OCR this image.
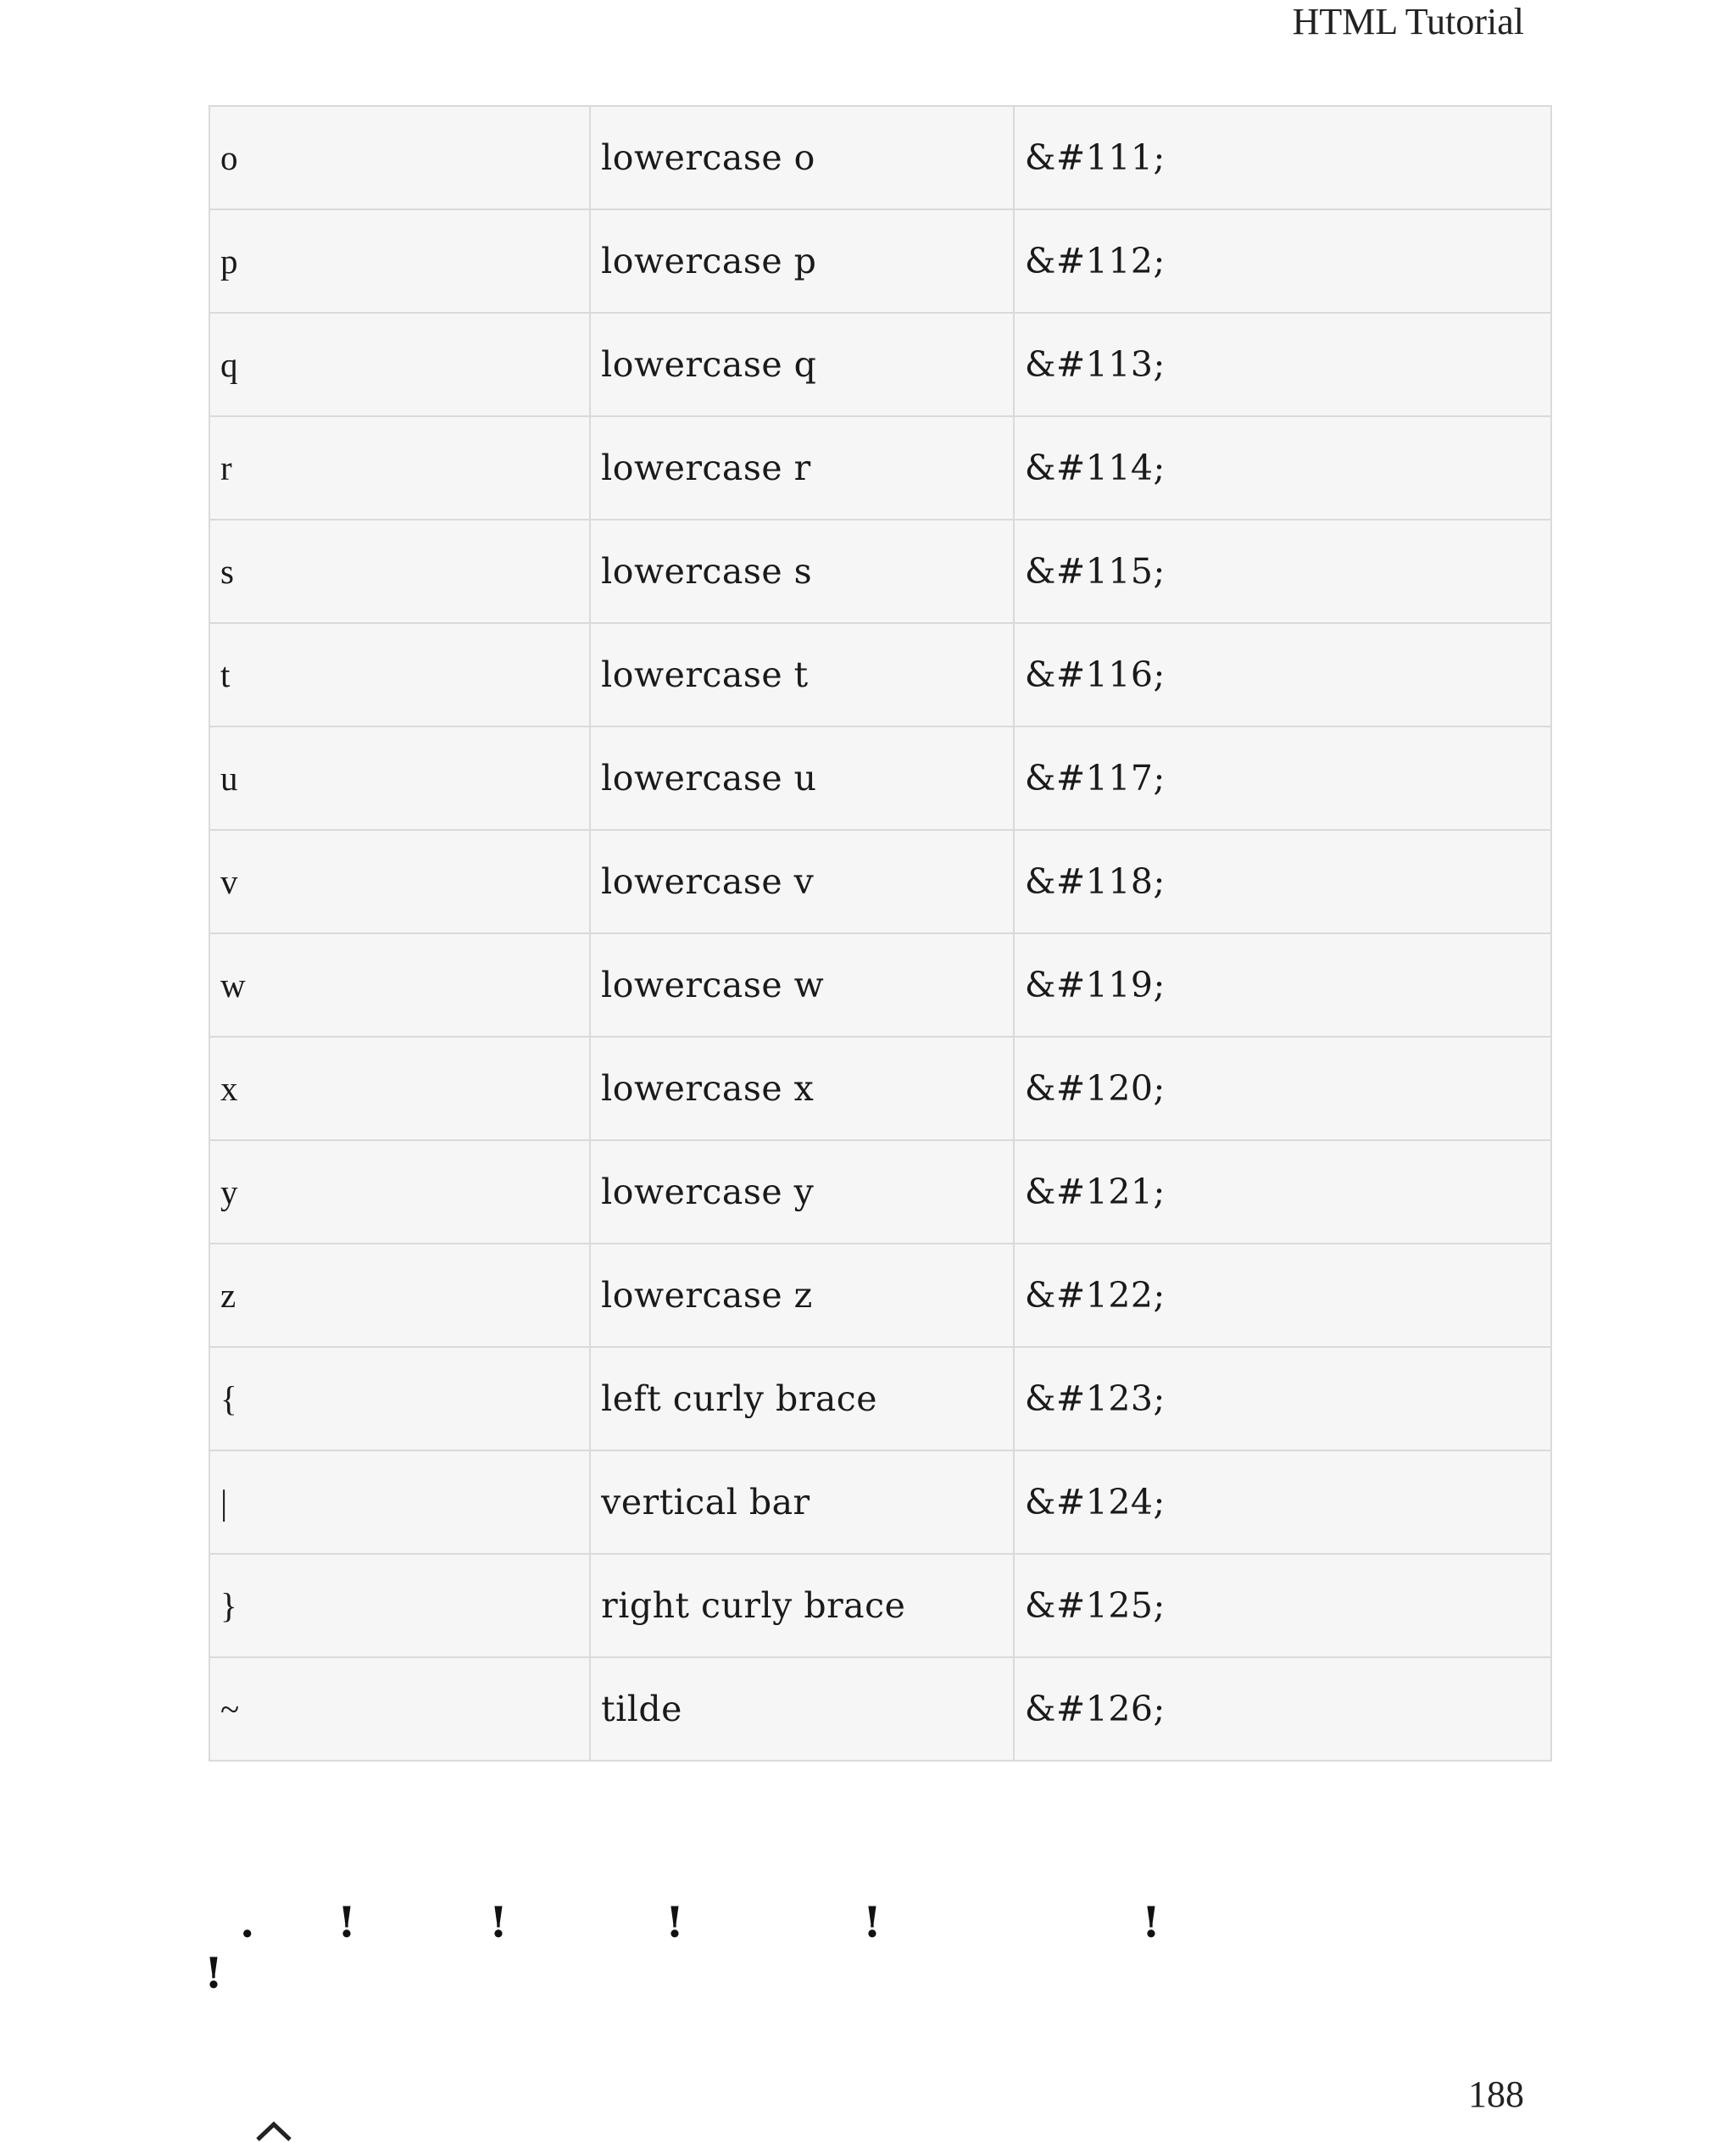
HTML Tutorial
o	lowercase o	&#111;
p	lowercase p	&#112;
q	lowercase q	&#113;
r	lowercase r	&#114;
s	lowercase s	&#115;
t	lowercase t	&#116;
u	lowercase u	&#117;
v	lowercase v	&#118;
w	lowercase w	&#119;
x	lowercase x	&#120;
y	lowercase y	&#121;
z	lowercase z	&#122;
{	left curly brace	&#123;
|	vertical bar	&#124;
}	right curly brace	&#125;
~	tilde	&#126;
. !	!	!	!	!
!
188
